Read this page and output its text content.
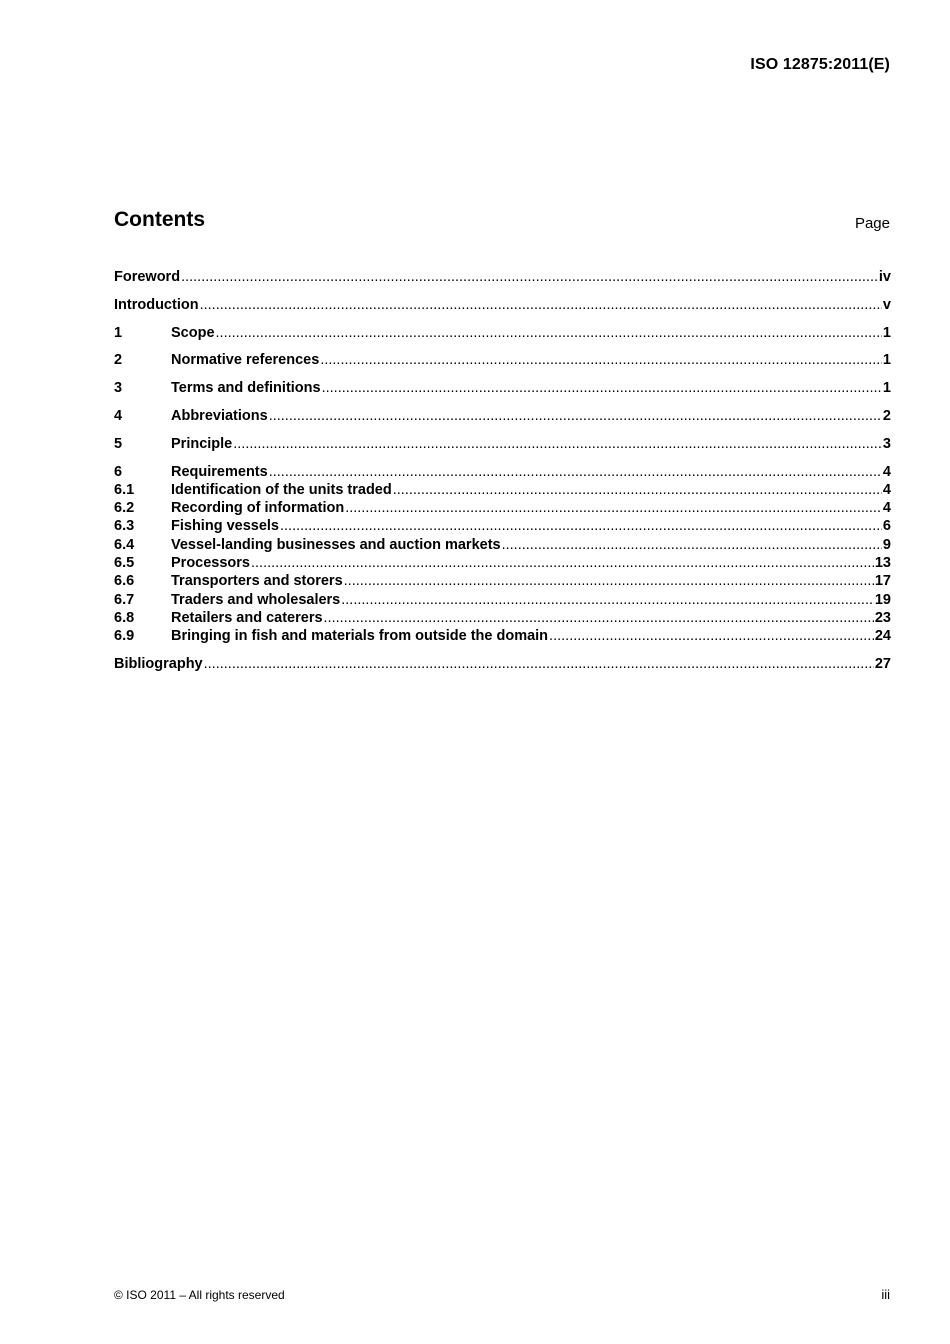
ISO 12875:2011(E)
Contents	Page
Foreword .....	iv
Introduction .....	v
1	Scope .....	1
2	Normative references .....	1
3	Terms and definitions .....	1
4	Abbreviations .....	2
5	Principle .....	3
6	Requirements .....	4
6.1	Identification of the units traded .....	4
6.2	Recording of information .....	4
6.3	Fishing vessels .....	6
6.4	Vessel-landing businesses and auction markets .....	9
6.5	Processors .....	13
6.6	Transporters and storers .....	17
6.7	Traders and wholesalers .....	19
6.8	Retailers and caterers .....	23
6.9	Bringing in fish and materials from outside the domain .....	24
Bibliography .....	27
© ISO 2011 – All rights reserved	iii
